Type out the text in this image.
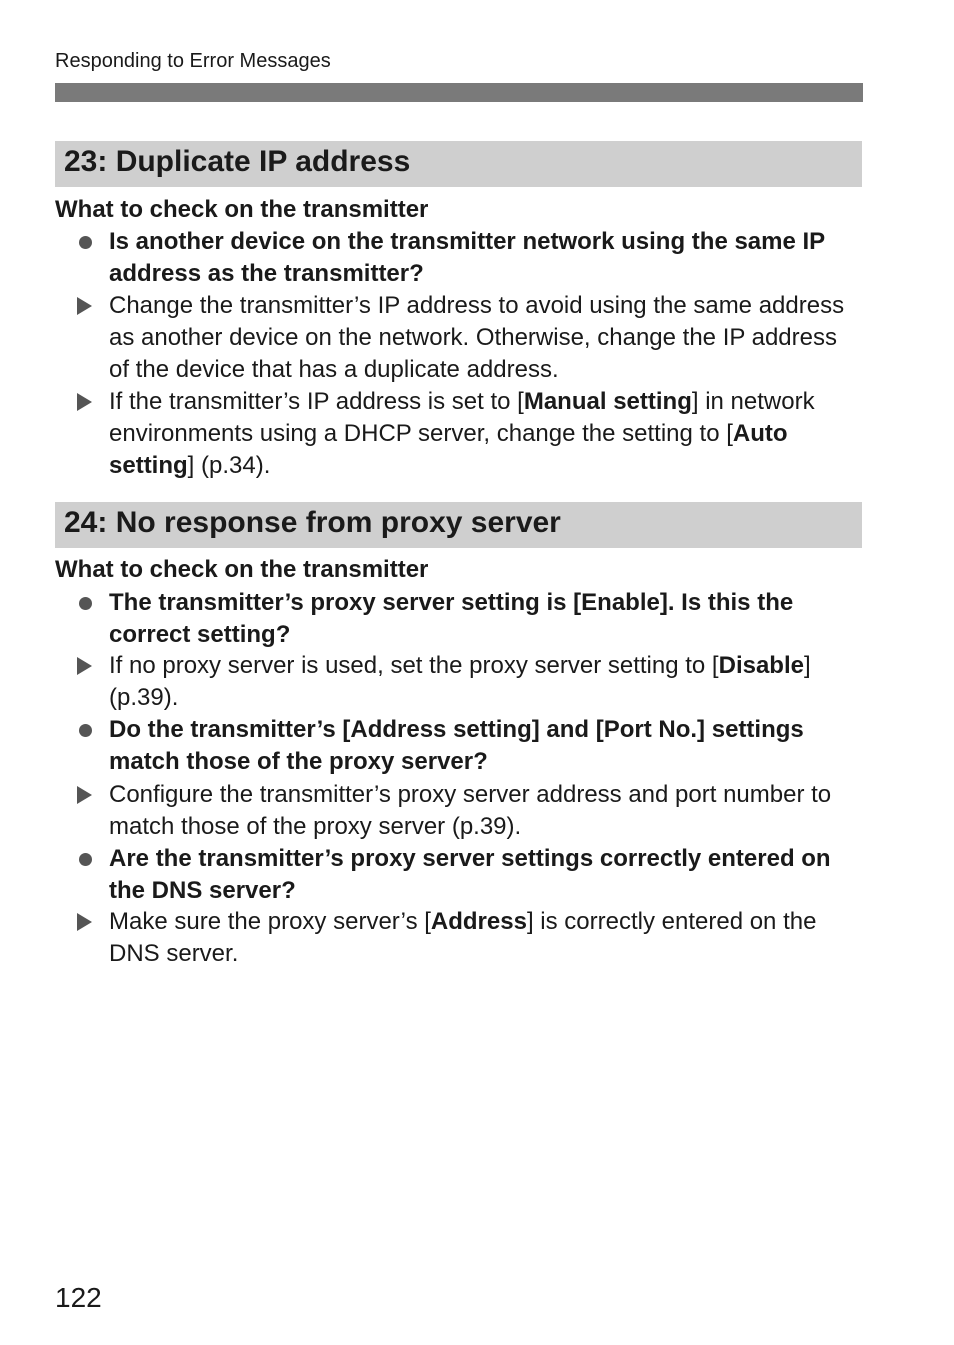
Responding to Error Messages
23: Duplicate IP address
What to check on the transmitter
Is another device on the transmitter network using the same IP address as the transmitter?
Change the transmitter’s IP address to avoid using the same address as another device on the network. Otherwise, change the IP address of the device that has a duplicate address.
If the transmitter’s IP address is set to [Manual setting] in network environments using a DHCP server, change the setting to [Auto setting] (p.34).
24: No response from proxy server
What to check on the transmitter
The transmitter’s proxy server setting is [Enable]. Is this the correct setting?
If no proxy server is used, set the proxy server setting to [Disable] (p.39).
Do the transmitter’s [Address setting] and [Port No.] settings match those of the proxy server?
Configure the transmitter’s proxy server address and port number to match those of the proxy server (p.39).
Are the transmitter’s proxy server settings correctly entered on the DNS server?
Make sure the proxy server’s [Address] is correctly entered on the DNS server.
122
